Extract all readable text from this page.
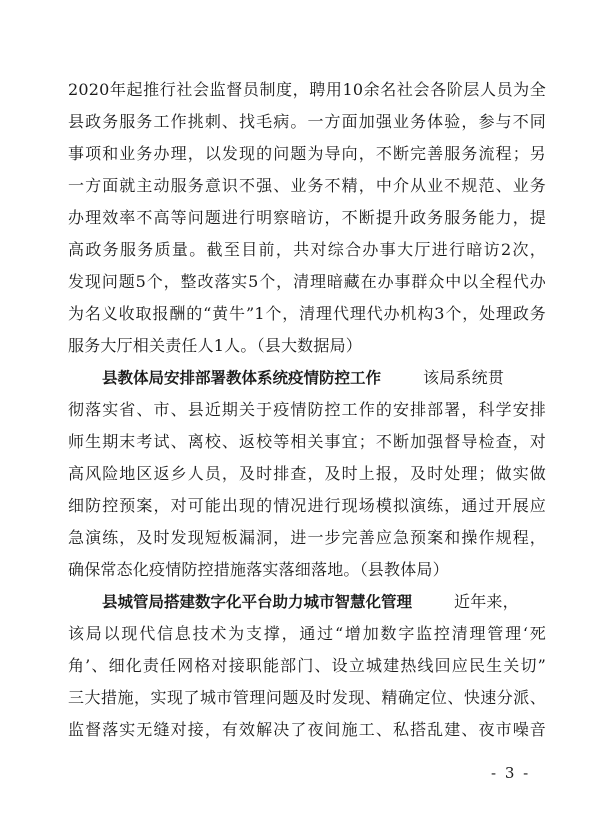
2020年起推行社会监督员制度，聘用10余名社会各阶层人员为全
县政务服务工作挑刺、找毛病。一方面加强业务体验，参与不同
事项和业务办理，以发现的问题为导向，不断完善服务流程；另
一方面就主动服务意识不强、业务不精，中介从业不规范、业务
办理效率不高等问题进行明察暗访，不断提升政务服务能力，提
高政务服务质量。截至目前，共对综合办事大厅进行暗访2次，
发现问题5个，整改落实5个，清理暗藏在办事群众中以全程代办
为名义收取报酬的“黄牛”1个，清理代理代办机构3个，处理政务
服务大厅相关责任人1人。（县大数据局）
县教体局安排部署教体系统疫情防控工作	该局系统贯
彻落实省、市、县近期关于疫情防控工作的安排部署，科学安排
师生期末考试、离校、返校等相关事宜；不断加强督导检查，对
高风险地区返乡人员，及时排查，及时上报，及时处理；做实做
细防控预案，对可能出现的情况进行现场模拟演练，通过开展应
急演练，及时发现短板漏洞，进一步完善应急预案和操作规程，
确保常态化疫情防控措施落实落细落地。（县教体局）
县城管局搭建数字化平台助力城市智慧化管理	近年来，
该局以现代信息技术为支撑，通过“增加数字监控清理管理‘死
角’、细化责任网格对接职能部门、设立城建热线回应民生关切”
三大措施，实现了城市管理问题及时发现、精确定位、快速分派、
监督落实无缝对接，有效解决了夜间施工、私搭乱建、夜市噪音
- 3 -
